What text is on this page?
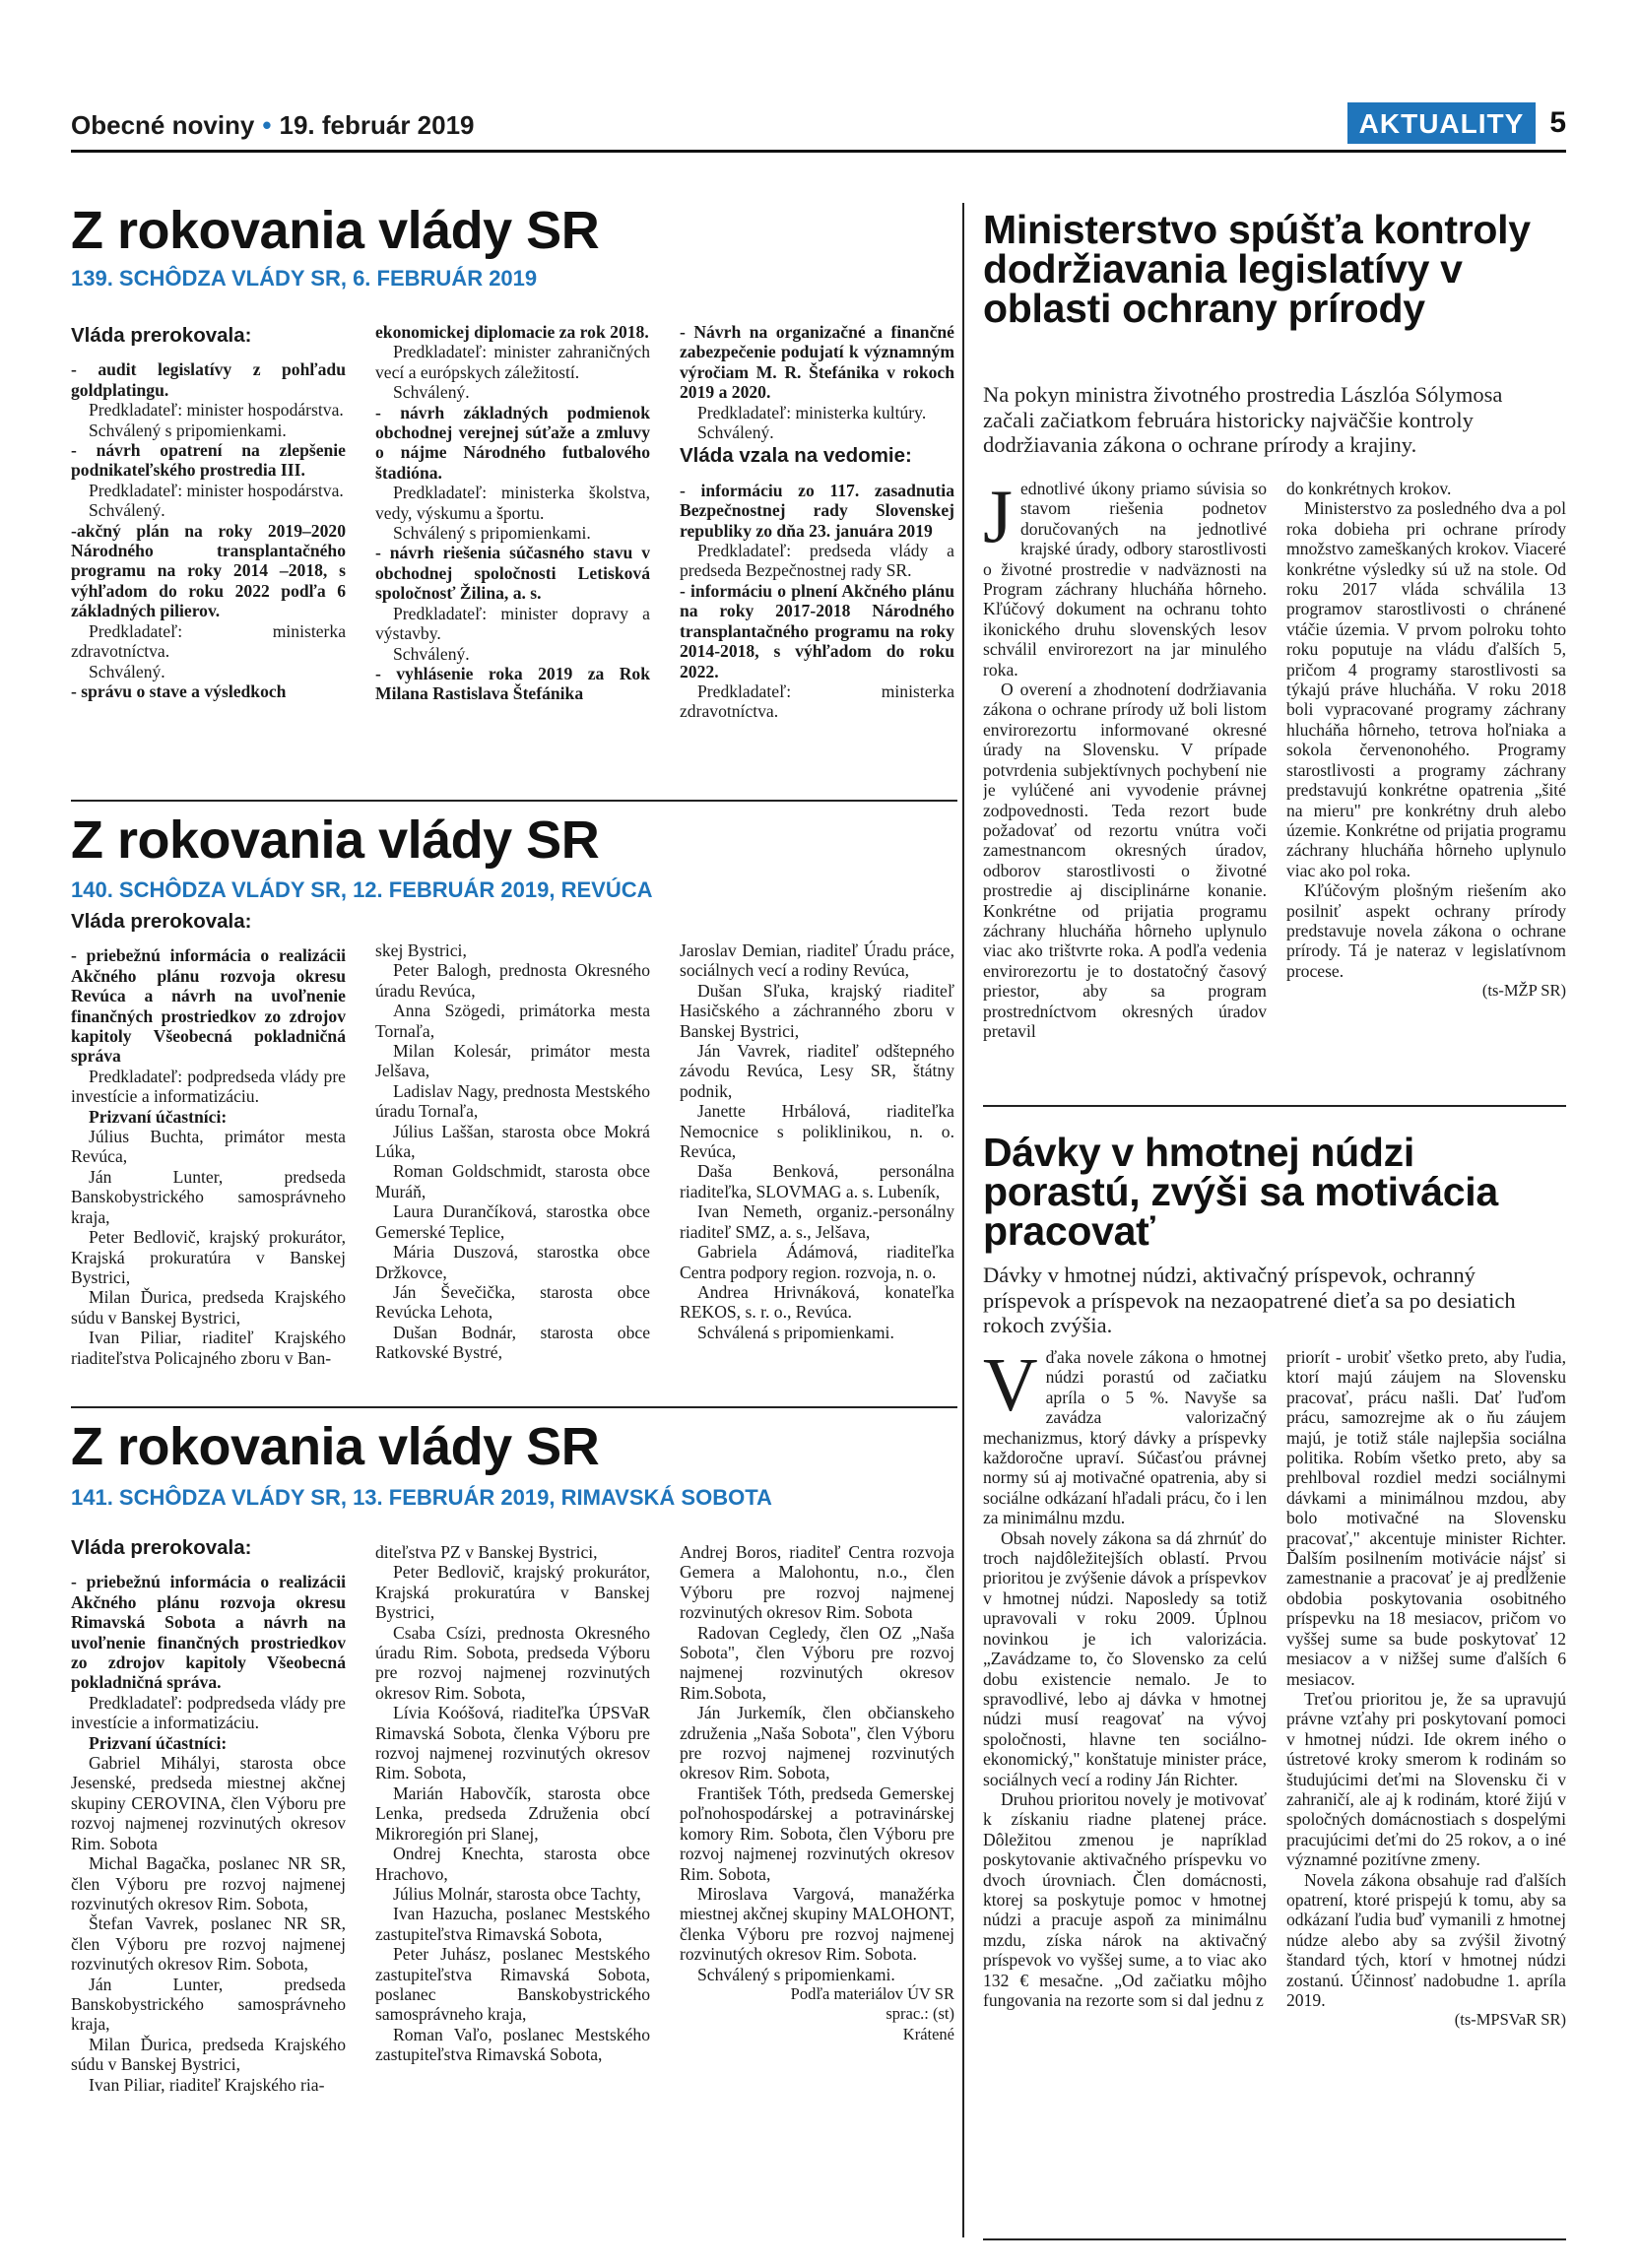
Obecné noviny • 19. február 2019	AKTUALITY 5
Z rokovania vlády SR
139. SCHÔDZA VLÁDY SR, 6. FEBRUÁR 2019

Vláda prerokovala:

- audit legislatívy z pohľadu goldplatingu.

Predkladateľ: minister hospodárstva.

Schválený s pripomienkami.

- návrh opatrení na zlepšenie podnikateľského prostredia III.

Predkladateľ: minister hospodárstva.

Schválený.

-akčný plán na roky 2019–2020 Národného transplantačného programu na roky 2014 –2018, s výhľadom do roku 2022 podľa 6 základných pilierov.

Predkladateľ: ministerka zdravotníctva.

Schválený.

- správu o stave a výsledkoch

ekonomickej diplomacie za rok 2018.

Predkladateľ: minister zahraničných vecí a európskych záležitostí.

Schválený.

- návrh základných podmienok obchodnej verejnej súťaže a zmluvy o nájme Národného futbalového štadióna.

Predkladateľ: ministerka školstva, vedy, výskumu a športu.

Schválený s pripomienkami.

- návrh riešenia súčasného stavu v obchodnej spoločnosti Letisková spoločnosť Žilina, a. s.

Predkladateľ: minister dopravy a výstavby.

Schválený.

- vyhlásenie roka 2019 za Rok Milana Rastislava Štefánika

- Návrh na organizačné a finančné zabezpečenie podujatí k významným výročiam M. R. Štefánika v rokoch 2019 a 2020.

Predkladateľ: ministerka kultúry.

Schválený.

Vláda vzala na vedomie:

- informáciu zo 117. zasadnutia Bezpečnostnej rady Slovenskej republiky zo dňa 23. januára 2019

Predkladateľ: predseda vlády a predseda Bezpečnostnej rady SR.

- informáciu o plnení Akčného plánu na roky 2017-2018 Národného transplantačného programu na roky 2014-2018, s výhľadom do roku 2022.

Predkladateľ: ministerka zdravotníctva.

Z rokovania vlády SR
140. SCHÔDZA VLÁDY SR, 12. FEBRUÁR 2019, REVÚCA

Vláda prerokovala:

- priebežnú informácia o realizácii Akčného plánu rozvoja okresu Revúca a návrh na uvoľnenie finančných prostriedkov zo zdrojov kapitoly Všeobecná pokladničná správa

Predkladateľ: podpredseda vlády pre investície a informatizáciu.

Prizvaní účastníci:

Július Buchta, primátor mesta Revúca,

Ján Lunter, predseda Banskobystrického samosprávneho kraja,

Peter Bedlovič, krajský prokurátor, Krajská prokuratúra v Banskej Bystrici,

Milan Ďurica, predseda Krajského súdu v Banskej Bystrici,

Ivan Piliar, riaditeľ Krajského riaditeľstva Policajného zboru v Ban-

skej Bystrici,

Peter Balogh, prednosta Okresného úradu Revúca,

Anna Szögedi, primátorka mesta Tornaľa,

Milan Kolesár, primátor mesta Jelšava,

Ladislav Nagy, prednosta Mestského úradu Tornaľa,

Július Laššan, starosta obce Mokrá Lúka,

Roman Goldschmidt, starosta obce Muráň,

Laura Durančíková, starostka obce Gemerské Teplice,

Mária Duszová, starostka obce Držkovce,

Ján Ševečička, starosta obce Revúcka Lehota,

Dušan Bodnár, starosta obce Ratkovské Bystré,

Jaroslav Demian, riaditeľ Úradu práce, sociálnych vecí a rodiny Revúca,

Dušan Sľuka, krajský riaditeľ Hasičského a záchranného zboru v Banskej Bystrici,

Ján Vavrek, riaditeľ odštepného závodu Revúca, Lesy SR, štátny podnik,

Janette Hrbálová, riaditeľka Nemocnice s poliklinikou, n. o. Revúca,

Daša Benková, personálna riaditeľka, SLOVMAG a. s. Lubeník,

Ivan Nemeth, organiz.-personálny riaditeľ SMZ, a. s., Jelšava,

Gabriela Ádámová, riaditeľka Centra podpory region. rozvoja, n. o.

Andrea Hrivnáková, konateľka REKOS, s. r. o., Revúca.

Schválená s pripomienkami.

Z rokovania vlády SR
141. SCHÔDZA VLÁDY SR, 13. FEBRUÁR 2019, RIMAVSKÁ SOBOTA

Vláda prerokovala:

- priebežnú informácia o realizácii Akčného plánu rozvoja okresu Rimavská Sobota a návrh na uvoľnenie finančných prostriedkov zo zdrojov kapitoly Všeobecná pokladničná správa.

Predkladateľ: podpredseda vlády pre investície a informatizáciu.

Prizvaní účastníci:

Gabriel Mihályi, starosta obce Jesenské, predseda miestnej akčnej skupiny CEROVINA, člen Výboru pre rozvoj najmenej rozvinutých okresov Rim. Sobota

Michal Bagačka, poslanec NR SR, člen Výboru pre rozvoj najmenej rozvinutých okresov Rim. Sobota,

Štefan Vavrek, poslanec NR SR, člen Výboru pre rozvoj najmenej rozvinutých okresov Rim. Sobota,

Ján Lunter, predseda Banskobystrického samosprávneho kraja,

Milan Ďurica, predseda Krajského súdu v Banskej Bystrici,

Ivan Piliar, riaditeľ Krajského ria-

diteľstva PZ v Banskej Bystrici,

Peter Bedlovič, krajský prokurátor, Krajská prokuratúra v Banskej Bystrici,

Csaba Csízi, prednosta Okresného úradu Rim. Sobota, predseda Výboru pre rozvoj najmenej rozvinutých okresov Rim. Sobota,

Lívia Koóšová, riaditeľka ÚPSVaR Rimavská Sobota, členka Výboru pre rozvoj najmenej rozvinutých okresov Rim. Sobota,

Marián Habovčík, starosta obce Lenka, predseda Združenia obcí Mikroregión pri Slanej,

Ondrej Knechta, starosta obce Hrachovo,

Július Molnár, starosta obce Tachty,

Ivan Hazucha, poslanec Mestského zastupiteľstva Rimavská Sobota,

Peter Juhász, poslanec Mestského zastupiteľstva Rimavská Sobota, poslanec Banskobystrického samosprávneho kraja,

Roman Vaľo, poslanec Mestského zastupiteľstva Rimavská Sobota,

Andrej Boros, riaditeľ Centra rozvoja Gemera a Malohontu, n.o., člen Výboru pre rozvoj najmenej rozvinutých okresov Rim. Sobota

Radovan Cegledy, člen OZ „Naša Sobota", člen Výboru pre rozvoj najmenej rozvinutých okresov Rim.Sobota,

Ján Jurkemík, člen občianskeho združenia „Naša Sobota", člen Výboru pre rozvoj najmenej rozvinutých okresov Rim. Sobota,

František Tóth, predseda Gemerskej poľnohospodárskej a potravinárskej komory Rim. Sobota, člen Výboru pre rozvoj najmenej rozvinutých okresov Rim. Sobota,

Miroslava Vargová, manažérka miestnej akčnej skupiny MALOHONT, členka Výboru pre rozvoj najmenej rozvinutých okresov Rim. Sobota.

Schválený s pripomienkami.

Podľa materiálov ÚV SR

sprac.: (st)

Krátené

Ministerstvo spúšťa kontroly dodržiavania legislatívy v oblasti ochrany prírody
Na pokyn ministra životného prostredia Lászlóa Sólymosa začali začiatkom februára historicky najväčšie kontroly dodržiavania zákona o ochrane prírody a krajiny.
J ednotlivé úkony priamo súvisia so stavom riešenia podnetov doručovaných na jednotlivé krajské úrady, odbory starostlivosti o životné prostredie v nadväznosti na Program záchrany hlucháňa hôrneho. Kľúčový dokument na ochranu tohto ikonického druhu slovenských lesov schválil envirorezort na jar minulého roka.

O overení a zhodnotení dodržiavania zákona o ochrane prírody už boli listom envirorezortu informované okresné úrady na Slovensku. V prípade potvrdenia subjektívnych pochybení nie je vylúčené ani vyvodenie právnej zodpovednosti. Teda rezort bude požadovať od rezortu vnútra voči zamestnancom okresných úradov, odborov starostlivosti o životné prostredie aj disciplinárne konanie. Konkrétne od prijatia programu záchrany hlucháňa hôrneho uplynulo viac ako trištvrte roka. A podľa vedenia envirorezortu je to dostatočný časový priestor, aby sa program prostredníctvom okresných úradov pretavil

do konkrétnych krokov.

Ministerstvo za posledného dva a pol roka dobieha pri ochrane prírody množstvo zameškaných krokov. Viaceré konkrétne výsledky sú už na stole. Od roku 2017 vláda schválila 13 programov starostlivosti o chránené vtáčie územia. V prvom polroku tohto roku poputuje na vládu ďalších 5, pričom 4 programy starostlivosti sa týkajú práve hlucháňa. V roku 2018 boli vypracované programy záchrany hlucháňa hôrneho, tetrova hoľniaka a sokola červenonohého. Programy starostlivosti a programy záchrany predstavujú konkrétne opatrenia „šité na mieru" pre konkrétny druh alebo územie. Konkrétne od prijatia programu záchrany hlucháňa hôrneho uplynulo viac ako pol roka.

Kľúčovým plošným riešením ako posilniť aspekt ochrany prírody predstavuje novela zákona o ochrane prírody. Tá je nateraz v legislatívnom procese.

(ts-MŽP SR)

Dávky v hmotnej núdzi porastú, zvýši sa motivácia pracovať
Dávky v hmotnej núdzi, aktivačný príspevok, ochranný príspevok a príspevok na nezaopatrené dieťa sa po desiatich rokoch zvýšia.
V ďaka novele zákona o hmotnej núdzi porastú od začiatku apríla o 5 %. Navyše sa zavádza valorizačný mechanizmus, ktorý dávky a príspevky každoročne upraví. Súčasťou právnej normy sú aj motivačné opatrenia, aby si sociálne odkázaní hľadali prácu, čo i len za minimálnu mzdu.

Obsah novely zákona sa dá zhrnúť do troch najdôležitejších oblastí. Prvou prioritou je zvýšenie dávok a príspevkov v hmotnej núdzi. Naposledy sa totiž upravovali v roku 2009. Úplnou novinkou je ich valorizácia. „Zavádzame to, čo Slovensko za celú dobu existencie nemalo. Je to spravodlivé, lebo aj dávka v hmotnej núdzi musí reagovať na vývoj spoločnosti, hlavne ten sociálno-ekonomický," konštatuje minister práce, sociálnych vecí a rodiny Ján Richter.

Druhou prioritou novely je motivovať k získaniu riadne platenej práce. Dôležitou zmenou je napríklad poskytovanie aktivačného príspevku vo dvoch úrovniach. Člen domácnosti, ktorej sa poskytuje pomoc v hmotnej núdzi a pracuje aspoň za minimálnu mzdu, získa nárok na aktivačný príspevok vo vyššej sume, a to viac ako 132 € mesačne. „Od začiatku môjho fungovania na rezorte som si dal jednu z

priorít - urobiť všetko preto, aby ľudia, ktorí majú záujem na Slovensku pracovať, prácu našli. Dať ľuďom prácu, samozrejme ak o ňu záujem majú, je totiž stále najlepšia sociálna politika. Robím všetko preto, aby sa prehlboval rozdiel medzi sociálnymi dávkami a minimálnou mzdou, aby bolo motivačné na Slovensku pracovať," akcentuje minister Richter. Ďalším posilnením motivácie nájsť si zamestnanie a pracovať je aj predĺženie obdobia poskytovania osobitného príspevku na 18 mesiacov, pričom vo vyššej sume sa bude poskytovať 12 mesiacov a v nižšej sume ďalších 6 mesiacov.

Treťou prioritou je, že sa upravujú právne vzťahy pri poskytovaní pomoci v hmotnej núdzi. Ide okrem iného o ústretové kroky smerom k rodinám so študujúcimi deťmi na Slovensku či v zahraničí, ale aj k rodinám, ktoré žijú v spoločných domácnostiach s dospelými pracujúcimi deťmi do 25 rokov, a o iné významné pozitívne zmeny.

Novela zákona obsahuje rad ďalších opatrení, ktoré prispejú k tomu, aby sa odkázaní ľudia buď vymanili z hmotnej núdze alebo aby sa zvýšil životný štandard tých, ktorí v hmotnej núdzi zostanú. Účinnosť nadobudne 1. apríla 2019.

(ts-MPSVaR SR)
